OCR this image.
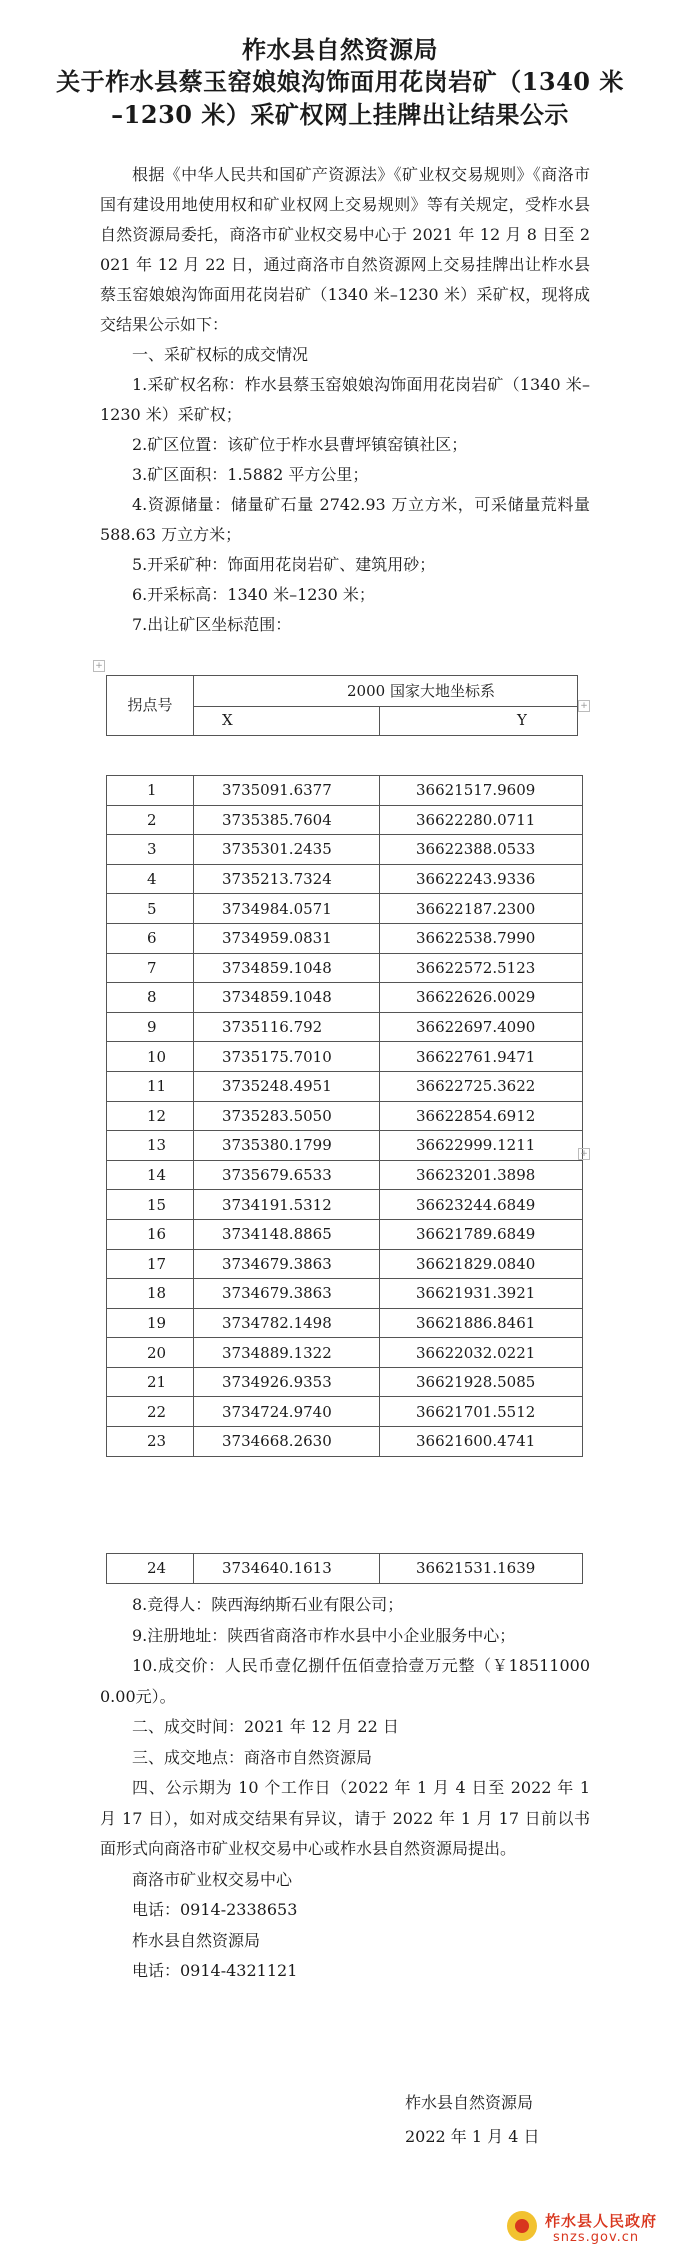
柞水县自然资源局
关于柞水县蔡玉窑娘娘沟饰面用花岗岩矿（1340 米
–1230 米）采矿权网上挂牌出让结果公示

根据《中华人民共和国矿产资源法》《矿业权交易规则》《商洛市国有建设用地使用权和矿业权网上交易规则》等有关规定，受柞水县自然资源局委托，商洛市矿业权交易中心于 2021 年 12 月 8 日至 2021 年 12 月 22 日，通过商洛市自然资源网上交易挂牌出让柞水县蔡玉窑娘娘沟饰面用花岗岩矿（1340 米–1230 米）采矿权，现将成交结果公示如下：

一、采矿权标的成交情况

1.采矿权名称：柞水县蔡玉窑娘娘沟饰面用花岗岩矿（1340 米–1230 米）采矿权；

2.矿区位置：该矿位于柞水县曹坪镇窑镇社区；

3.矿区面积：1.5882 平方公里；

4.资源储量：储量矿石量 2742.93 万立方米，可采储量荒料量 588.63 万立方米；

5.开采矿种：饰面用花岗岩矿、建筑用砂；

6.开采标高：1340 米–1230 米；

7.出让矿区坐标范围：

+
拐点号
2000 国家大地坐标系
X	Y
+
1	3735091.6377	36621517.9609
2	3735385.7604	36622280.0711
3	3735301.2435	36622388.0533
4	3735213.7324	36622243.9336
5	3734984.0571	36622187.2300
6	3734959.0831	36622538.7990
7	3734859.1048	36622572.5123
8	3734859.1048	36622626.0029
9	3735116.792	36622697.4090
10	3735175.7010	36622761.9471
11	3735248.4951	36622725.3622
12	3735283.5050	36622854.6912
13	3735380.1799	36622999.1211
14	3735679.6533	36623201.3898
15	3734191.5312	36623244.6849
16	3734148.8865	36621789.6849
17	3734679.3863	36621829.0840
18	3734679.3863	36621931.3921
19	3734782.1498	36621886.8461
20	3734889.1322	36622032.0221
21	3734926.9353	36621928.5085
22	3734724.9740	36621701.5512
23	3734668.2630	36621600.4741
+
24	3734640.1613	36621531.1639

8.竞得人：陕西海纳斯石业有限公司；

9.注册地址：陕西省商洛市柞水县中小企业服务中心；

10.成交价：人民币壹亿捌仟伍佰壹拾壹万元整（￥185110000.00元）。

二、成交时间：2021 年 12 月 22 日

三、成交地点：商洛市自然资源局

四、公示期为 10 个工作日（2022 年 1 月 4 日至 2022 年 1 月 17 日），如对成交结果有异议，请于 2022 年 1 月 17 日前以书面形式向商洛市矿业权交易中心或柞水县自然资源局提出。

商洛市矿业权交易中心

电话：0914-2338653

柞水县自然资源局

电话：0914-4321121

柞水县自然资源局
2022 年 1 月 4 日
柞水县人民政府
snzs.gov.cn
